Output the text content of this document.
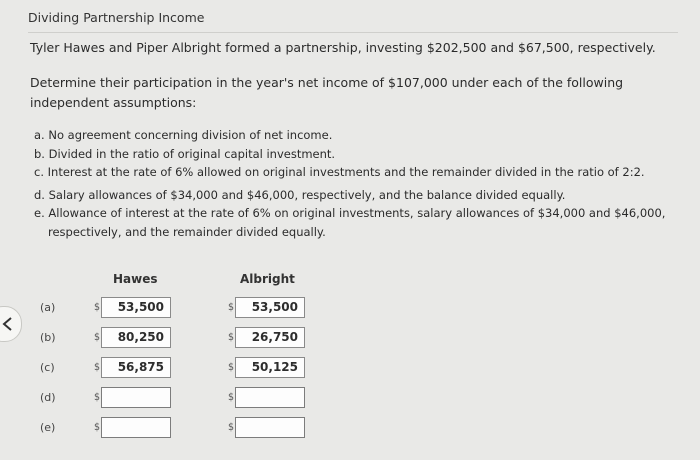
Dividing Partnership Income
Tyler Hawes and Piper Albright formed a partnership, investing $202,500 and $67,500, respectively.
Determine their participation in the year's net income of $107,000 under each of the following independent assumptions:
a. No agreement concerning division of net income.
b. Divided in the ratio of original capital investment.
c. Interest at the rate of 6% allowed on original investments and the remainder divided in the ratio of 2:2.
d. Salary allowances of $34,000 and $46,000, respectively, and the balance divided equally.
e. Allowance of interest at the rate of 6% on original investments, salary allowances of $34,000 and $46,000, respectively, and the remainder divided equally.
Hawes	Albright
(a)	$	53,500	$	53,500
(b)	$	80,250	$	26,750
(c)	$	56,875	$	50,125
(d)	$	$
(e)	$	$
